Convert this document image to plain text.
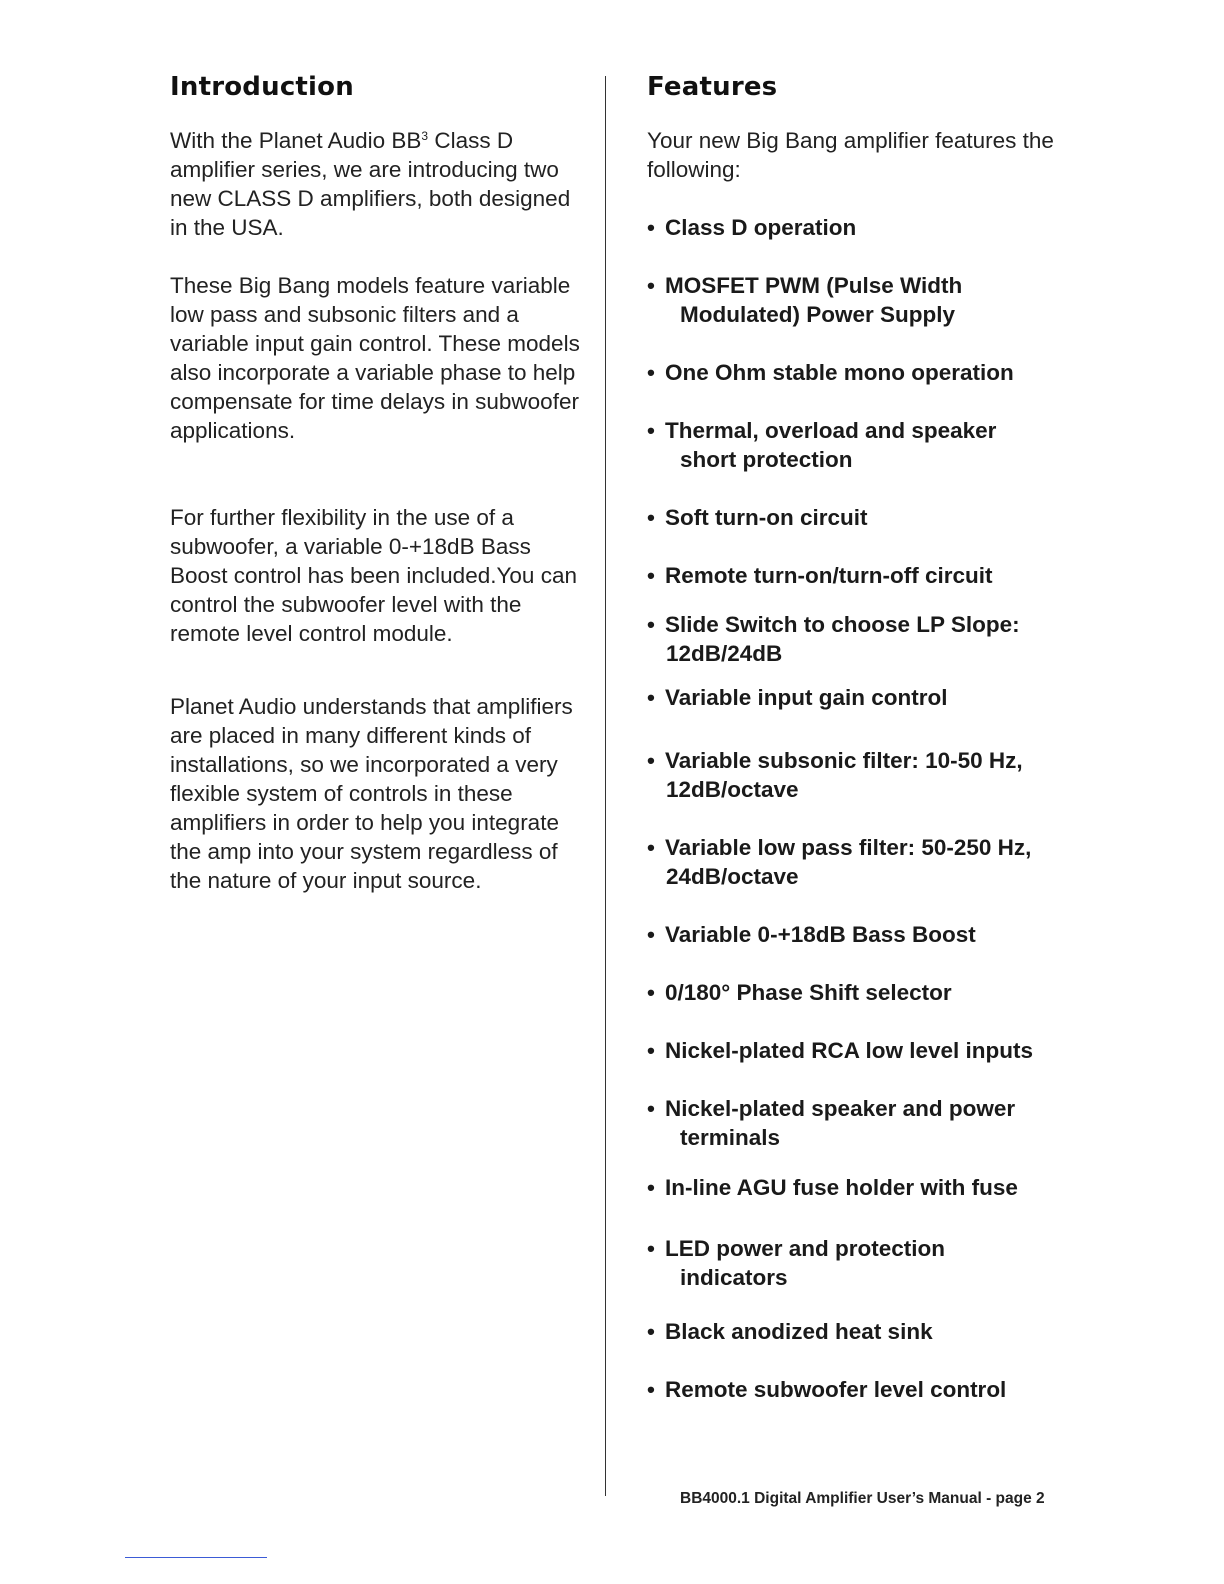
Introduction

With the Planet Audio $BB^3$ Class D amplifier series, we are introducing two new CLASS D amplifiers, both designed in the USA.

These Big Bang models feature variable low pass and subsonic filters and a variable input gain control. These models also incorporate a variable phase to help compensate for time delays in subwoofer applications.

For further flexibility in the use of a subwoofer, a variable 0-+18dB Bass Boost control has been included.You can control the subwoofer level with the remote level control module.

Planet Audio understands that amplifiers are placed in many different kinds of installations, so we incorporated a very flexible system of controls in these amplifiers in order to help you integrate the amp into your system regardless of the nature of your input source.

Features

Your new Big Bang amplifier features the following:

• Class D operation
• MOSFET PWM (Pulse Width
Modulated) Power Supply
• One Ohm stable mono operation
• Thermal, overload and speaker
short protection
• Soft turn-on circuit
• Remote turn-on/turn-off circuit
• Slide Switch to choose LP Slope:
12dB/24dB
• Variable input gain control
• Variable subsonic filter: 10-50 Hz,
12dB/octave
• Variable low pass filter: 50-250 Hz,
24dB/octave
• Variable 0-+18dB Bass Boost
• 0/180° Phase Shift selector
• Nickel-plated RCA low level inputs
• Nickel-plated speaker and power
terminals
• In-line AGU fuse holder with fuse
• LED power and protection
indicators
• Black anodized heat sink
• Remote subwoofer level control
BB4000.1 Digital Amplifier User’s Manual - page 2
